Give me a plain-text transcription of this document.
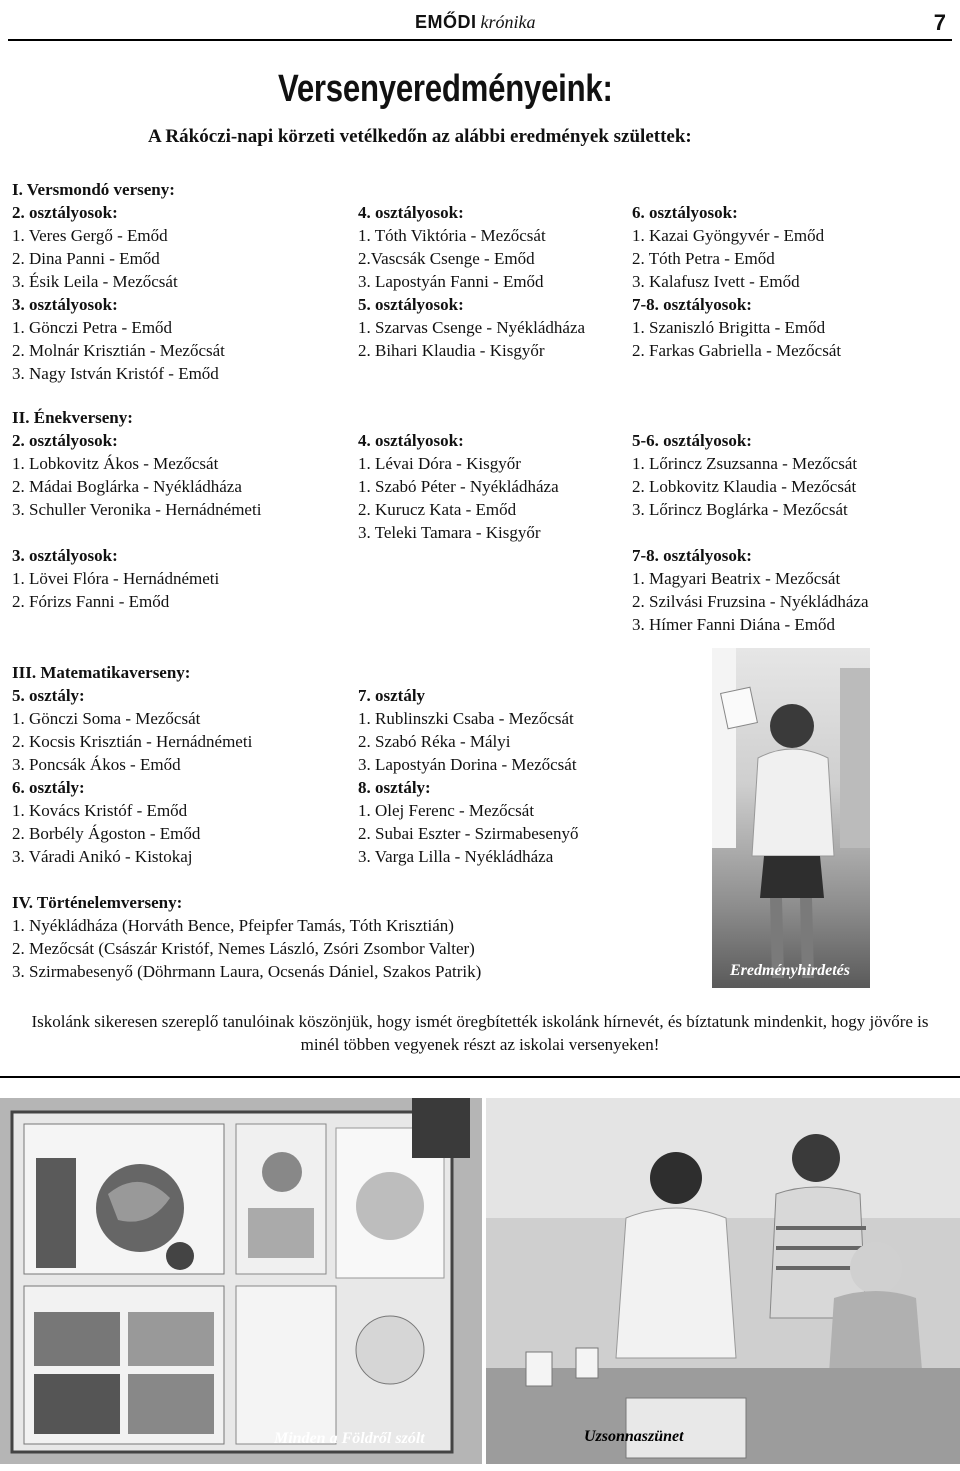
EMŐDI krónika	7
Versenyeredményeink:
A Rákóczi-napi körzeti vetélkedőn az alábbi eredmények születtek:
I. Versmondó verseny:
2. osztályosok:
1. Veres Gergő - Emőd
2. Dina Panni - Emőd
3. Ésik Leila - Mezőcsát
3. osztályosok:
1. Gönczi Petra - Emőd
2. Molnár Krisztián - Mezőcsát
3. Nagy István Kristóf - Emőd
4. osztályosok:
1. Tóth Viktória - Mezőcsát
2.Vascsák Csenge - Emőd
3. Lapostyán Fanni - Emőd
5. osztályosok:
1. Szarvas Csenge - Nyékládháza
2. Bihari Klaudia - Kisgyőr
6. osztályosok:
1. Kazai Gyöngyvér - Emőd
2. Tóth Petra - Emőd
3. Kalafusz Ivett - Emőd
7-8. osztályosok:
1. Szaniszló Brigitta - Emőd
2. Farkas Gabriella - Mezőcsát
II. Énekverseny:
2. osztályosok:
1. Lobkovitz Ákos - Mezőcsát
2. Mádai Boglárka - Nyékládháza
3. Schuller Veronika - Hernádnémeti

3. osztályosok:
1. Lövei Flóra - Hernádnémeti
2. Fórizs Fanni - Emőd
4. osztályosok:
1. Lévai Dóra - Kisgyőr
1. Szabó Péter - Nyékládháza
2. Kurucz Kata - Emőd
3. Teleki Tamara - Kisgyőr
5-6. osztályosok:
1. Lőrincz Zsuzsanna - Mezőcsát
2. Lobkovitz Klaudia - Mezőcsát
3. Lőrincz Boglárka - Mezőcsát

7-8. osztályosok:
1. Magyari Beatrix - Mezőcsát
2. Szilvási Fruzsina - Nyékládháza
3. Hímer Fanni Diána - Emőd
III. Matematikaverseny:
5. osztály:
1. Gönczi Soma - Mezőcsát
2. Kocsis Krisztián - Hernádnémeti
3. Poncsák Ákos - Emőd
6. osztály:
1. Kovács Kristóf - Emőd
2. Borbély Ágoston - Emőd
3. Váradi Anikó - Kistokaj
7. osztály
1. Rublinszki Csaba - Mezőcsát
2. Szabó Réka - Mályi
3. Lapostyán Dorina - Mezőcsát
8. osztály:
1. Olej Ferenc - Mezőcsát
2. Subai Eszter - Szirmabesenyő
3. Varga Lilla - Nyékládháza
Eredményhirdetés
IV. Történelemverseny:
1. Nyékládháza (Horváth Bence, Pfeipfer Tamás, Tóth Krisztián)
2. Mezőcsát (Császár Kristóf, Nemes László, Zsóri Zsombor Valter)
3. Szirmabesenyő (Döhrmann Laura, Ocsenás Dániel, Szakos Patrik)
Iskolánk sikeresen szereplő tanulóinak köszönjük, hogy ismét öregbítették iskolánk hírnevét, és bíztatunk mindenkit, hogy jövőre is minél többen vegyenek részt az iskolai versenyeken!
Minden a Földről szólt	Uzsonnaszünet
